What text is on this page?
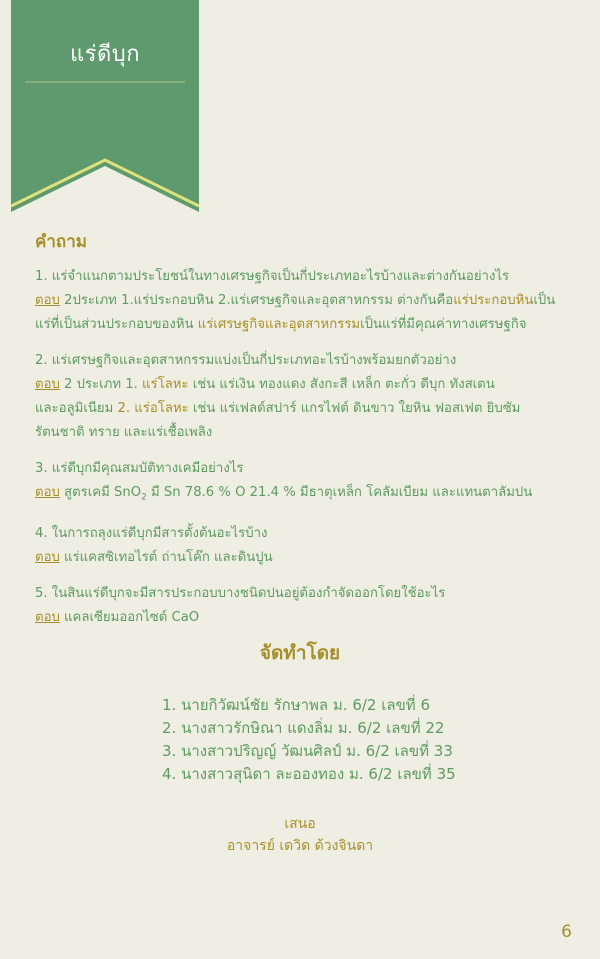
แร่ดีบุก
คำถาม
1. แร่จำแนกตามประโยชน์ในทางเศรษฐกิจเป็นกี่ประเภทอะไรบ้างและต่างกันอย่างไร
ตอบ 2ประเภท 1.แร่ประกอบหิน 2.แร่เศรษฐกิจและอุตสาหกรรม ต่างกันคือแร่ประกอบหินเป็น
แร่ที่เป็นส่วนประกอบของหิน แร่เศรษฐกิจและอุตสาหกรรมเป็นแร่ที่มีคุณค่าทางเศรษฐกิจ
2. แร่เศรษฐกิจและอุตสาหกรรมแบ่งเป็นกี่ประเภทอะไรบ้างพร้อมยกตัวอย่าง
ตอบ 2 ประเภท 1. แร่โลหะ เช่น แร่เงิน ทองแดง สังกะสี เหล็ก ตะกั่ว ดีบุก ทังสเตน
และอลูมิเนียม 2. แร่อโลหะ เช่น แร่เฟลด์สปาร์ แกรไฟต์ ดินขาว ใยหิน ฟอสเฟต ยิบซัม
รัตนชาติ ทราย และแร่เชื้อเพลิง
3. แร่ดีบุกมีคุณสมบัติทางเคมีอย่างไร
ตอบ สูตรเคมี SnO$_2$ มี Sn 78.6 % O 21.4 % มีธาตุเหล็ก โคลัมเบียม และแทนตาลัมปน
4. ในการถลุงแร่ดีบุกมีสารตั้งต้นอะไรบ้าง
ตอบ แร่แคสซิเทอไรต์ ถ่านโค๊ก และดินปูน
5. ในสินแร่ดีบุกจะมีสารประกอบบางชนิดปนอยู่ต้องกำจัดออกโดยใช้อะไร
ตอบ แคลเซียมออกไซต์ CaO
จัดทำโดย
1. นายกิวัฒน์ชัย รักษาพล ม. 6/2 เลขที่ 6
2. นางสาวรักษิณา แดงลิ่ม ม. 6/2 เลขที่ 22
3. นางสาวปริญญ์ วัฒนศิลป์ ม. 6/2 เลขที่ 33
4. นางสาวสุนิดา ละอองทอง ม. 6/2 เลขที่ 35
เสนอ
อาจารย์ เดวิด ด้วงจินดา
6
